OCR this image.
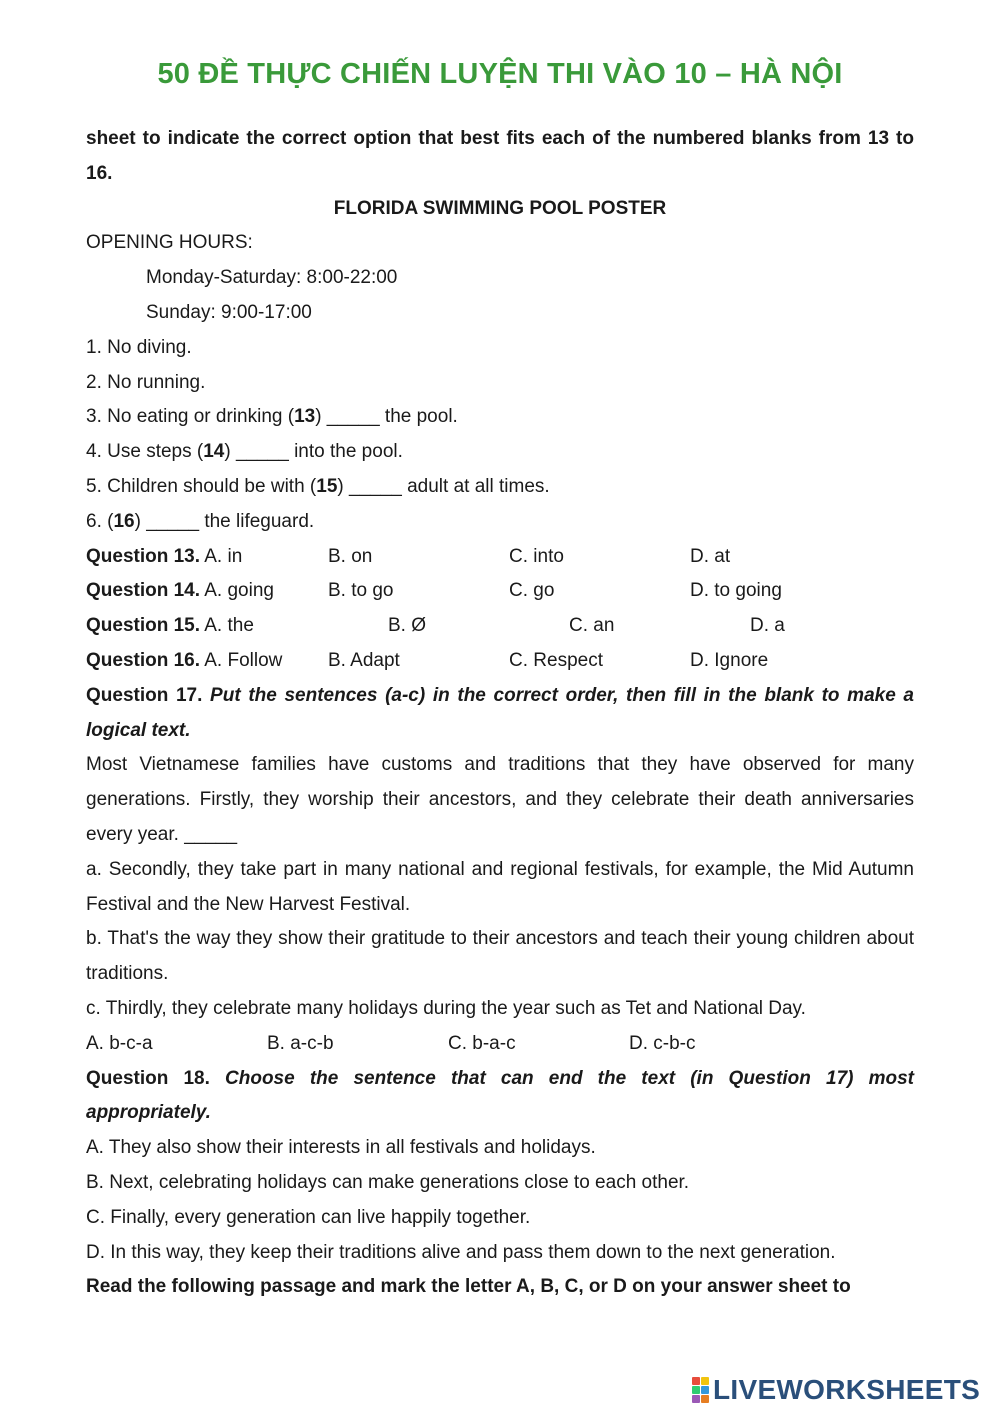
50 ĐỀ THỰC CHIẾN LUYỆN THI VÀO 10 – HÀ NỘI

sheet to indicate the correct option that best fits each of the numbered blanks from 13 to 16.

FLORIDA SWIMMING POOL POSTER

OPENING HOURS:

Monday-Saturday: 8:00-22:00

Sunday: 9:00-17:00

1. No diving.

2. No running.

3. No eating or drinking (13) _____ the pool.

4. Use steps (14) _____ into the pool.

5. Children should be with (15) _____ adult at all times.

6. (16) _____ the lifeguard.

Question 13. A. in	B. on	C. into	D. at
Question 14. A. going	B. to go	C. go	D. to going
Question 15. A. the	B. Ø	C. an	D. a
Question 16. A. Follow	B. Adapt	C. Respect	D. Ignore

Question 17. Put the sentences (a-c) in the correct order, then fill in the blank to make a logical text.

Most Vietnamese families have customs and traditions that they have observed for many generations. Firstly, they worship their ancestors, and they celebrate their death anniversaries every year. _____

a. Secondly, they take part in many national and regional festivals, for example, the Mid Autumn Festival and the New Harvest Festival.

b. That's the way they show their gratitude to their ancestors and teach their young children about traditions.

c. Thirdly, they celebrate many holidays during the year such as Tet and National Day.

A. b-c-a	B. a-c-b	C. b-a-c	D. c-b-c

Question 18. Choose the sentence that can end the text (in Question 17) most appropriately.

A. They also show their interests in all festivals and holidays.

B. Next, celebrating holidays can make generations close to each other.

C. Finally, every generation can live happily together.

D. In this way, they keep their traditions alive and pass them down to the next generation.

Read the following passage and mark the letter A, B, C, or D on your answer sheet to

LIVEWORKSHEETS
